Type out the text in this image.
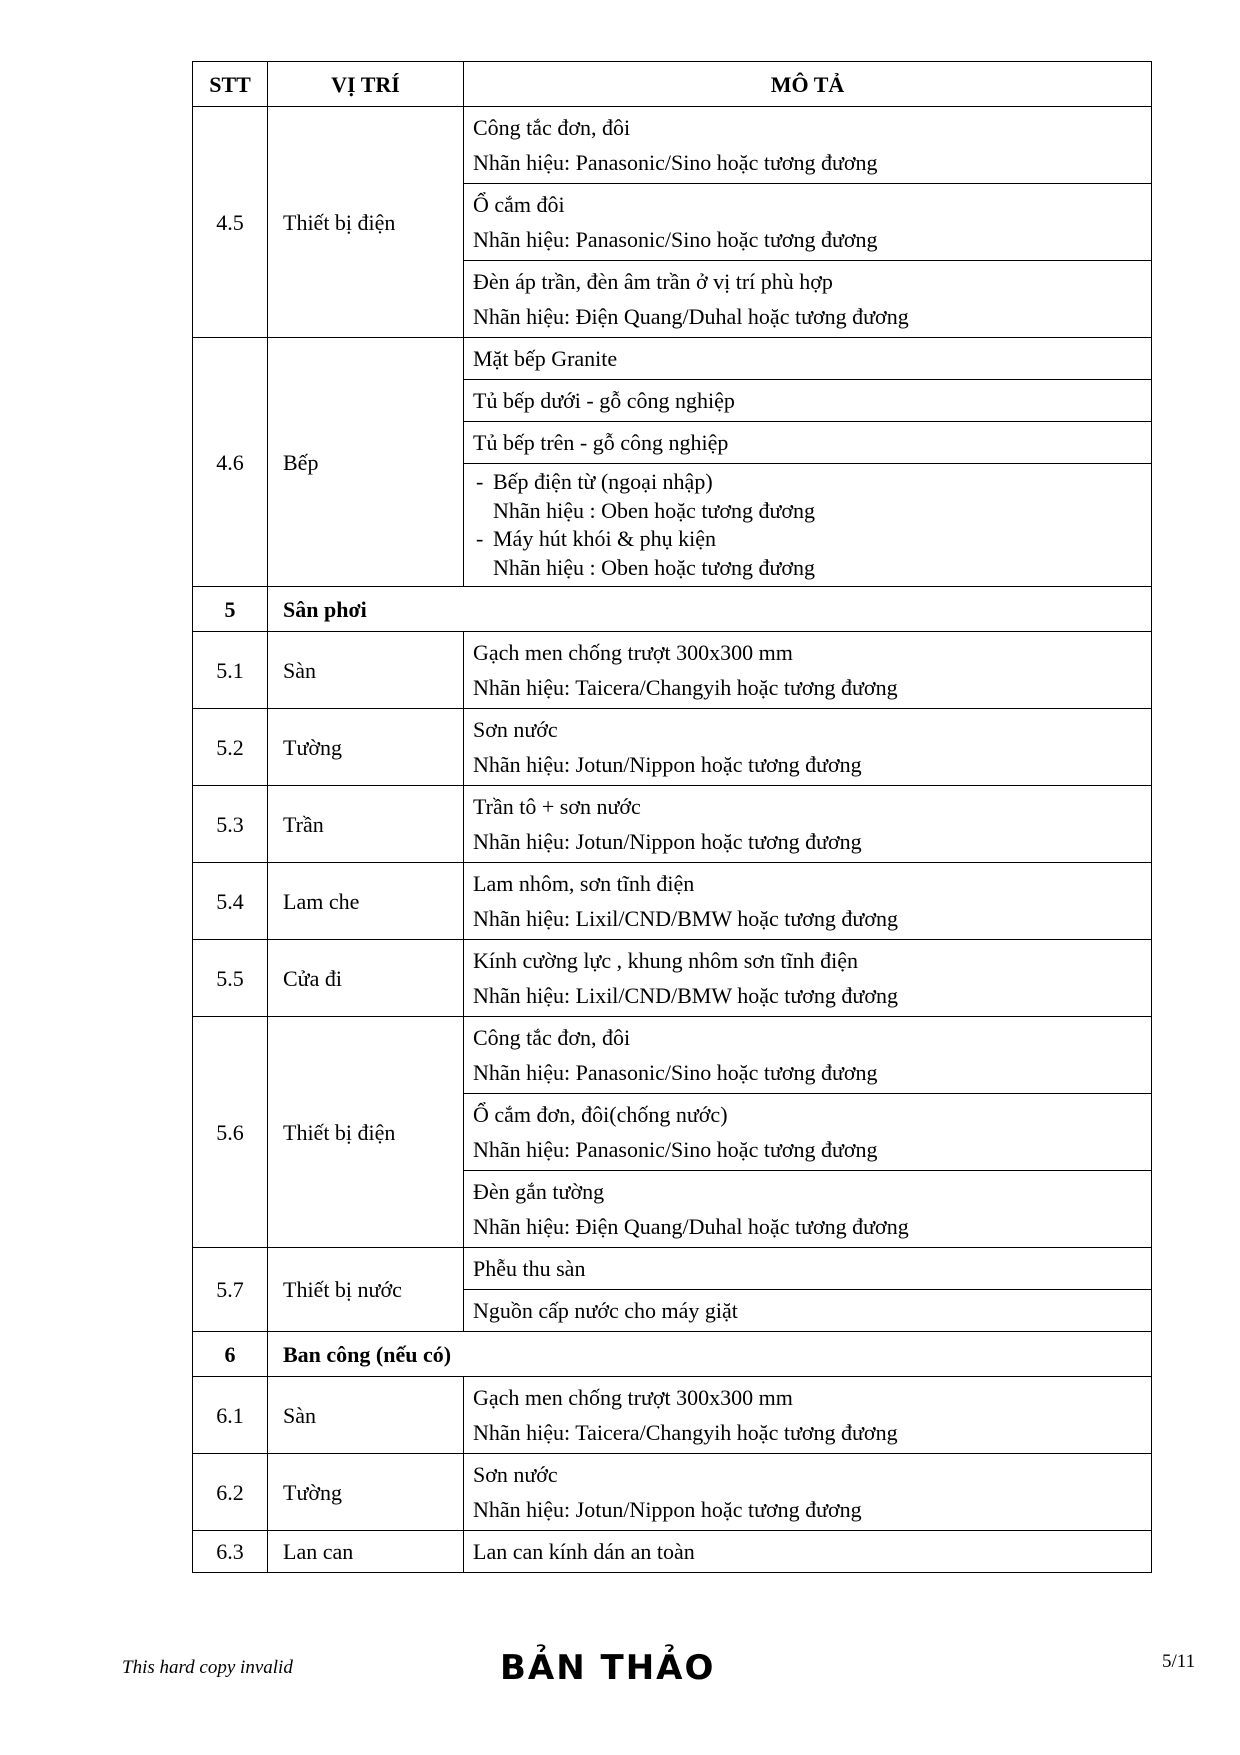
STT	VỊ TRÍ	MÔ TẢ
4.5	Thiết bị điện	Công tắc đơn, đôi
Nhãn hiệu: Panasonic/Sino hoặc tương đương

		Ổ cắm đôi
Nhãn hiệu: Panasonic/Sino hoặc tương đương

		Đèn áp trần, đèn âm trần ở vị trí phù hợp
Nhãn hiệu: Điện Quang/Duhal hoặc tương đương

4.6	Bếp	Mặt bếp Granite

		Tủ bếp dưới - gỗ công nghiệp

		Tủ bếp trên - gỗ công nghiệp

		- Bếp điện từ (ngoại nhập)
Nhãn hiệu : Oben hoặc tương đương
- Máy hút khói & phụ kiện
Nhãn hiệu : Oben hoặc tương đương

5	Sân phơi	
5.1	Sàn	Gạch men chống trượt 300x300 mm
Nhãn hiệu: Taicera/Changyih hoặc tương đương

5.2	Tường	Sơn nước
Nhãn hiệu: Jotun/Nippon hoặc tương đương

5.3	Trần	Trần tô + sơn nước
Nhãn hiệu: Jotun/Nippon hoặc tương đương

5.4	Lam che	Lam nhôm, sơn tĩnh điện
Nhãn hiệu: Lixil/CND/BMW hoặc tương đương

5.5	Cửa đi	Kính cường lực , khung nhôm sơn tĩnh điện
Nhãn hiệu: Lixil/CND/BMW hoặc tương đương

5.6	Thiết bị điện	Công tắc đơn, đôi
Nhãn hiệu: Panasonic/Sino hoặc tương đương

		Ổ cắm đơn, đôi(chống nước)
Nhãn hiệu: Panasonic/Sino hoặc tương đương

		Đèn gắn tường
Nhãn hiệu: Điện Quang/Duhal hoặc tương đương

5.7	Thiết bị nước	Phễu thu sàn

		Nguồn cấp nước cho máy giặt

6	Ban công (nếu có)	
6.1	Sàn	Gạch men chống trượt 300x300 mm
Nhãn hiệu: Taicera/Changyih hoặc tương đương

6.2	Tường	Sơn nước
Nhãn hiệu: Jotun/Nippon hoặc tương đương

6.3	Lan can	Lan can kính dán an toàn
This hard copy invalid	BẢN THẢO	5/11
